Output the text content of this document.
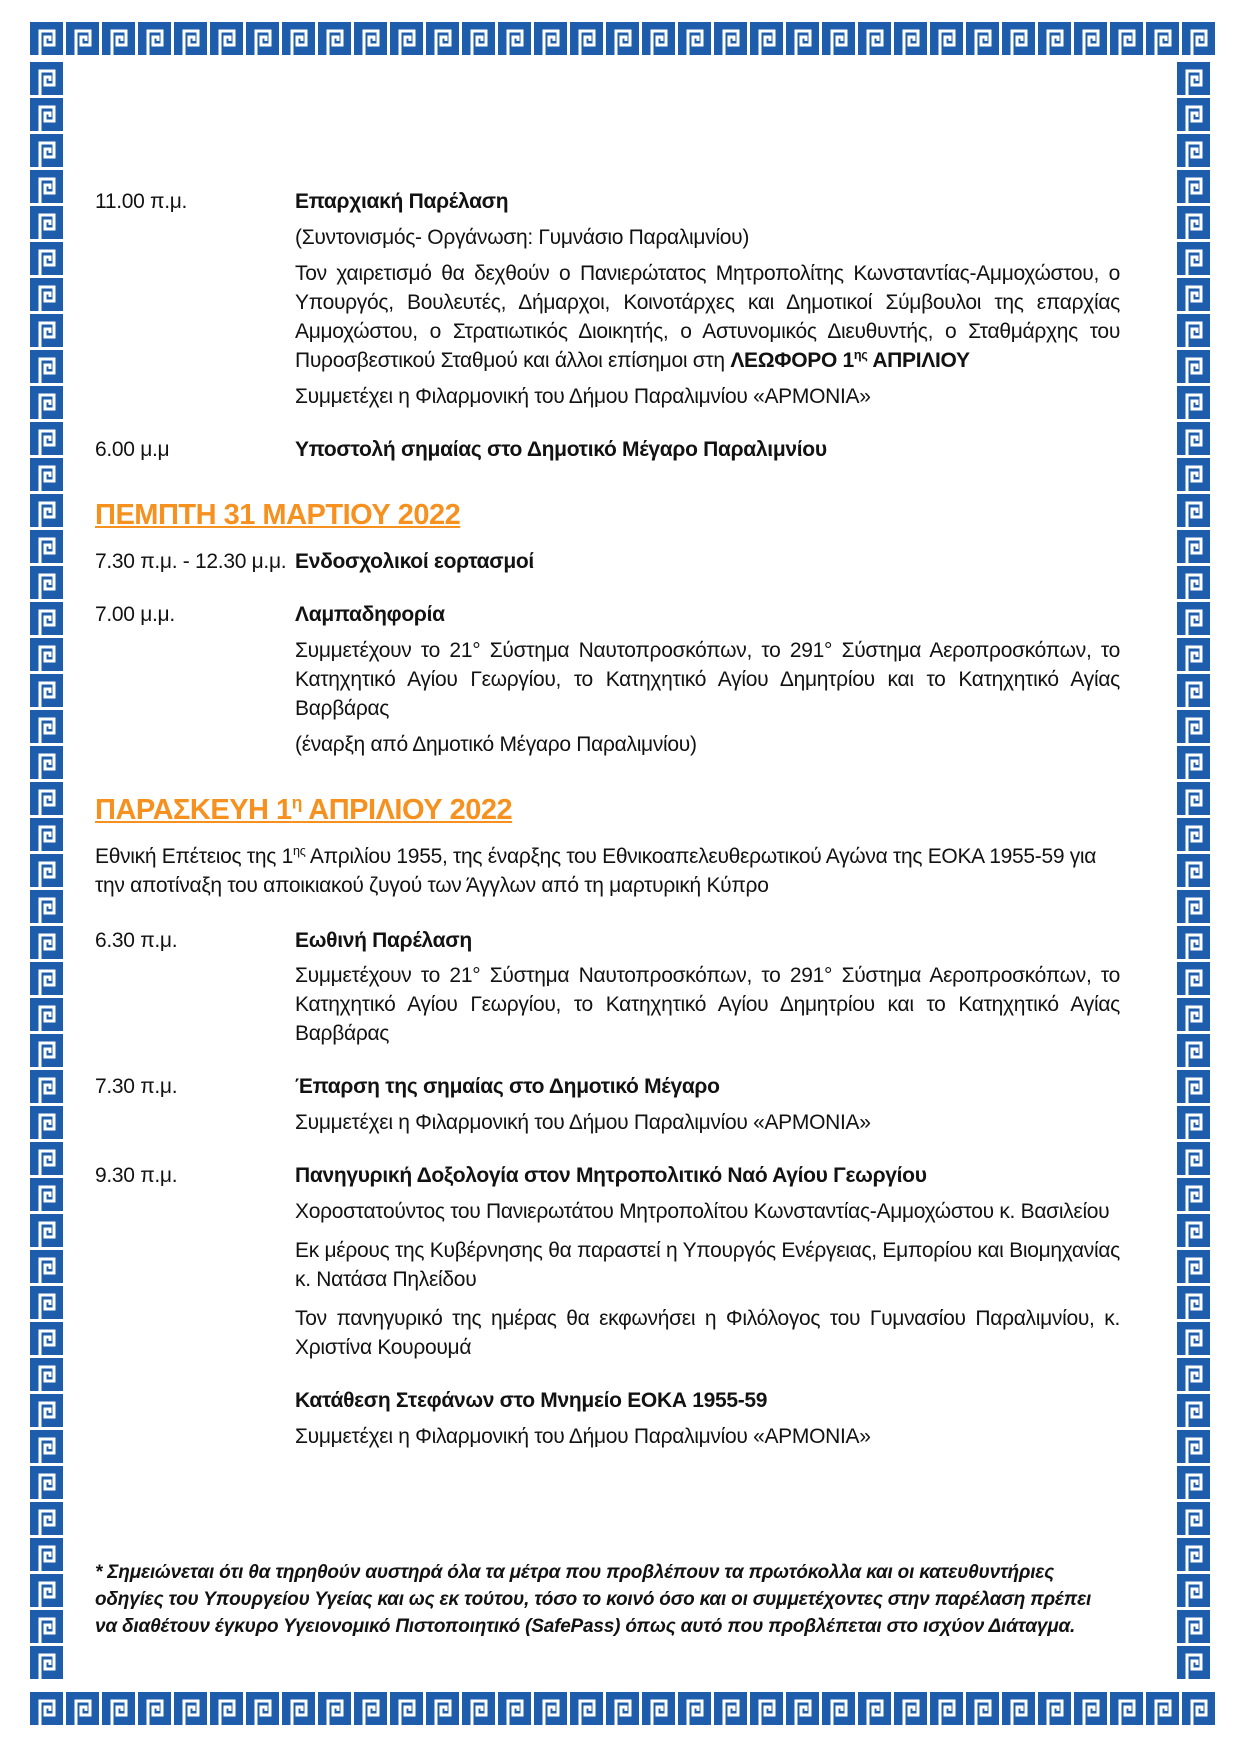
11.00 π.μ.	Επαρχιακή Παρέλαση

(Συντονισμός- Οργάνωση: Γυμνάσιο Παραλιμνίου)

Τον χαιρετισμό θα δεχθούν ο Πανιερώτατος Μητροπολίτης Κωνσταντίας-Αμμοχώστου, ο Υπουργός, Βουλευτές, Δήμαρχοι, Κοινοτάρχες και Δημοτικοί Σύμβουλοι της επαρχίας Αμμοχώστου, ο Στρατιωτικός Διοικητής, ο Αστυνομικός Διευθυντής, ο Σταθμάρχης του Πυροσβεστικού Σταθμού και άλλοι επίσημοι στη ΛΕΩΦΟΡΟ $1^{\eta\varsigma}$ ΑΠΡΙΛΙΟΥ

Συμμετέχει η Φιλαρμονική του Δήμου Παραλιμνίου «ΑΡΜΟΝΙΑ»

6.00 μ.μ	Υποστολή σημαίας στο Δημοτικό Μέγαρο Παραλιμνίου

ΠΕΜΠΤΗ 31 ΜΑΡΤΙΟΥ 2022
7.30 π.μ. - 12.30 μ.μ. Ενδοσχολικοί εορτασμοί

7.00 μ.μ.	Λαμπαδηφορία

Συμμετέχουν το 21° Σύστημα Ναυτοπροσκόπων, το 291° Σύστημα Αεροπροσκόπων, το Κατηχητικό Αγίου Γεωργίου, το Κατηχητικό Αγίου Δημητρίου και το Κατηχητικό Αγίας Βαρβάρας

(έναρξη από Δημοτικό Μέγαρο Παραλιμνίου)

ΠΑΡΑΣΚΕΥΗ $1^\eta$ ΑΠΡΙΛΙΟΥ 2022

Εθνική Επέτειος της $1^{\eta\varsigma}$ Απριλίου 1955, της έναρξης του Εθνικοαπελευθερωτικού Αγώνα της ΕΟΚΑ 1955-59 για την αποτίναξη του αποικιακού ζυγού των Άγγλων από τη μαρτυρική Κύπρο

6.30 π.μ.	Εωθινή Παρέλαση

Συμμετέχουν το 21° Σύστημα Ναυτοπροσκόπων, το 291° Σύστημα Αεροπροσκόπων, το Κατηχητικό Αγίου Γεωργίου, το Κατηχητικό Αγίου Δημητρίου και το Κατηχητικό Αγίας Βαρβάρας

7.30 π.μ.	Έπαρση της σημαίας στο Δημοτικό Μέγαρο

Συμμετέχει η Φιλαρμονική του Δήμου Παραλιμνίου «ΑΡΜΟΝΙΑ»

9.30 π.μ.	Πανηγυρική Δοξολογία στον Μητροπολιτικό Ναό Αγίου Γεωργίου

Χοροστατούντος του Πανιερωτάτου Μητροπολίτου Κωνσταντίας-Αμμοχώστου κ. Βασιλείου

Εκ μέρους της Κυβέρνησης θα παραστεί η Υπουργός Ενέργειας, Εμπορίου και Βιομηχανίας κ. Νατάσα Πηλείδου

Τον πανηγυρικό της ημέρας θα εκφωνήσει η Φιλόλογος του Γυμνασίου Παραλιμνίου, κ. Χριστίνα Κουρουμά

Κατάθεση Στεφάνων στο Μνημείο ΕΟΚΑ 1955-59

Συμμετέχει η Φιλαρμονική του Δήμου Παραλιμνίου «ΑΡΜΟΝΙΑ»

* Σημειώνεται ότι θα τηρηθούν αυστηρά όλα τα μέτρα που προβλέπουν τα πρωτόκολλα και οι κατευθυντήριες οδηγίες του Υπουργείου Υγείας και ως εκ τούτου, τόσο το κοινό όσο και οι συμμετέχοντες στην παρέλαση πρέπει να διαθέτουν έγκυρο Υγειονομικό Πιστοποιητικό (SafePass) όπως αυτό που προβλέπεται στο ισχύον Διάταγμα.
